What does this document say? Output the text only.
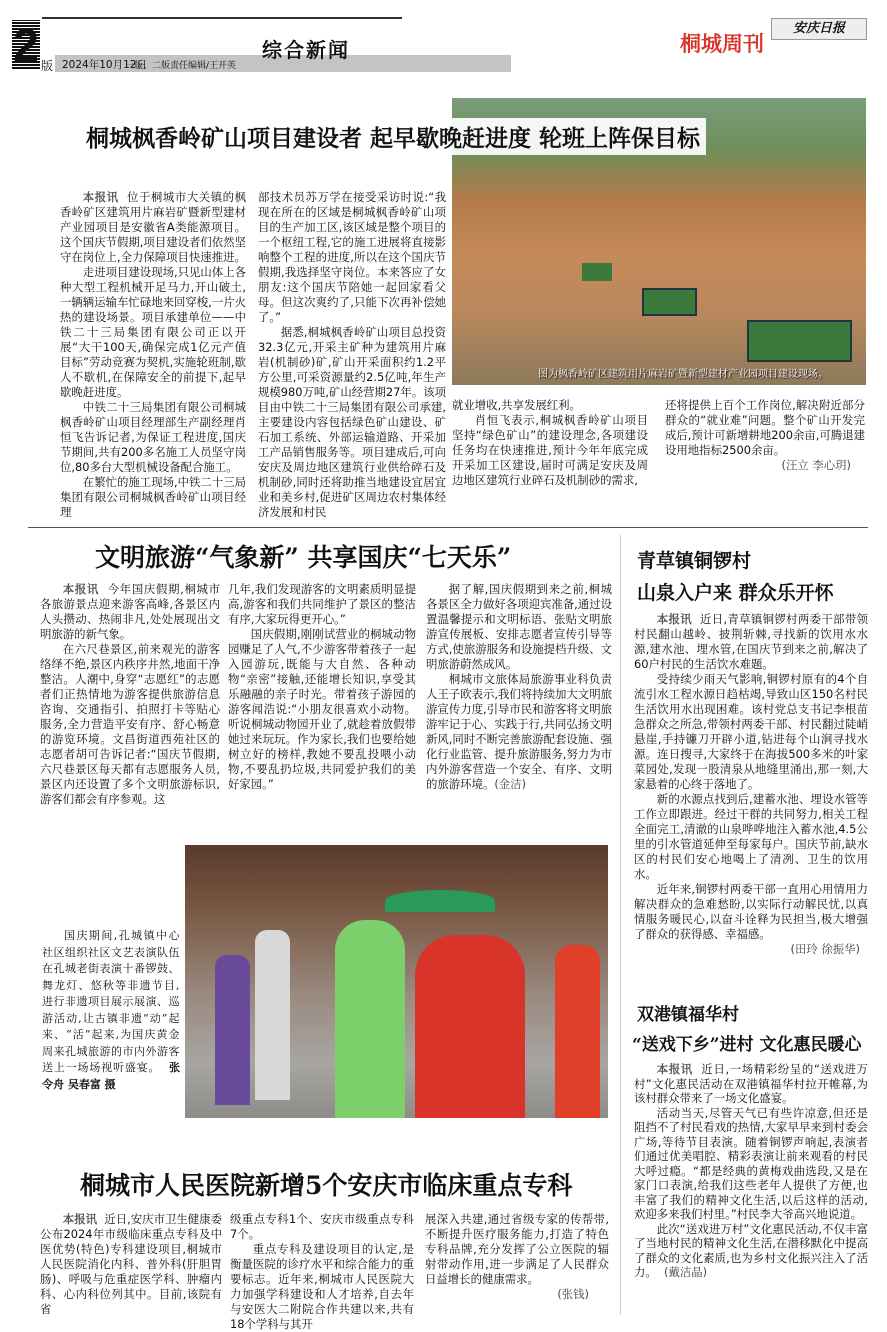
2 版 2024年10月12日
一版、二版责任编辑/王开英
综合新闻	桐城周刊
安庆日报
图为枫香岭矿区建筑用片麻岩矿暨新型建材产业园项目建设现场。
桐城枫香岭矿山项目建设者 起早歇晚赶进度 轮班上阵保目标

本报讯 位于桐城市大关镇的枫香岭矿区建筑用片麻岩矿暨新型建材产业园项目是安徽省A类能源项目。这个国庆节假期,项目建设者们依然坚守在岗位上,全力保障项目快速推进。

走进项目建设现场,只见山体上各种大型工程机械开足马力,开山破土,一辆辆运输车忙碌地来回穿梭,一片火热的建设场景。项目承建单位——中铁二十三局集团有限公司正以开展“大干100天,确保完成1亿元产值目标”劳动竞赛为契机,实施轮班制,歇人不歇机,在保障安全的前提下,起早歇晚赶进度。

中铁二十三局集团有限公司桐城枫香岭矿山项目经理部生产副经理肖恒飞告诉记者,为保证工程进度,国庆节期间,共有200多名施工人员坚守岗位,80多台大型机械设备配合施工。

在繁忙的施工现场,中铁二十三局集团有限公司桐城枫香岭矿山项目经理

部技术员苏万学在接受采访时说:“我现在所在的区域是桐城枫香岭矿山项目的生产加工区,该区域是整个项目的一个枢纽工程,它的施工进展将直接影响整个工程的进度,所以在这个国庆节假期,我选择坚守岗位。本来答应了女朋友:这个国庆节陪她一起回家看父母。但这次爽约了,只能下次再补偿她了。”

据悉,桐城枫香岭矿山项目总投资32.3亿元,开采主矿种为建筑用片麻岩(机制砂)矿,矿山开采面积约1.2平方公里,可采资源量约2.5亿吨,年生产规模980万吨,矿山经营期27年。该项目由中铁二十三局集团有限公司承建,主要建设内容包括绿色矿山建设、矿石加工系统、外部运输道路、开采加工产品销售服务等。项目建成后,可向安庆及周边地区建筑行业供给碎石及机制砂,同时还将助推当地建设宜居宜业和美乡村,促进矿区周边农村集体经济发展和村民

就业增收,共享发展红利。

肖恒飞表示,桐城枫香岭矿山项目坚持“绿色矿山”的建设理念,各项建设任务均在快速推进,预计今年年底完成开采加工区建设,届时可满足安庆及周边地区建筑行业碎石及机制砂的需求,

还将提供上百个工作岗位,解决附近部分群众的“就业难”问题。整个矿山开发完成后,预计可新增耕地200余亩,可腾退建设用地指标2500余亩。

(汪立 李心玥)
文明旅游“气象新” 共享国庆“七天乐”

本报讯 今年国庆假期,桐城市各旅游景点迎来游客高峰,各景区内人头攒动、热闹非凡,处处展现出文明旅游的新气象。

在六尺巷景区,前来观光的游客络绎不绝,景区内秩序井然,地面干净整洁。人潮中,身穿“志愿红”的志愿者们正热情地为游客提供旅游信息咨询、交通指引、拍照打卡等贴心服务,全力营造平安有序、舒心畅意的游览环境。文昌街道西苑社区的志愿者胡可告诉记者:“国庆节假期,六尺巷景区每天都有志愿服务人员,景区内还设置了多个文明旅游标识,游客们都会有序参观。这

几年,我们发现游客的文明素质明显提高,游客和我们共同维护了景区的整洁有序,大家玩得更开心。”

国庆假期,刚刚试营业的桐城动物园赚足了人气,不少游客带着孩子一起入园游玩,既能与大自然、各种动物“亲密”接触,还能增长知识,享受其乐融融的亲子时光。带着孩子游园的游客闻浩说:“小朋友很喜欢小动物。听说桐城动物园开业了,就趁着放假带她过来玩玩。作为家长,我们也要给她树立好的榜样,教她不要乱投喂小动物,不要乱扔垃圾,共同爱护我们的美好家园。”

据了解,国庆假期到来之前,桐城各景区全力做好各项迎宾准备,通过设置温馨提示和文明标语、张贴文明旅游宣传展板、安排志愿者宣传引导等方式,使旅游服务和设施提档升级、文明旅游蔚然成风。

桐城市文旅体局旅游事业科负责人王子欧表示,我们将持续加大文明旅游宣传力度,引导市民和游客将文明旅游牢记于心、实践于行,共同弘扬文明新风,同时不断完善旅游配套设施、强化行业监管、提升旅游服务,努力为市内外游客营造一个安全、有序、文明的旅游环境。(金洁)

国庆期间,孔城镇中心社区组织社区文艺表演队伍在孔城老街表演十番锣鼓、舞龙灯、悠秋等非遗节目,进行非遗项目展示展演、巡游活动,让古镇非遗“动”起来、“活”起来,为国庆黄金周来孔城旅游的市内外游客送上一场场视听盛宴。 张令舟 吴春富 摄

桐城市人民医院新增5个安庆市临床重点专科

本报讯 近日,安庆市卫生健康委公布2024年市级临床重点专科及中医优势(特色)专科建设项目,桐城市人民医院消化内科、普外科(肝胆胃肠)、呼吸与危重症医学科、肿瘤内科、心内科位列其中。目前,该院有省

级重点专科1个、安庆市级重点专科7个。

重点专科及建设项目的认定,是衡量医院的诊疗水平和综合能力的重要标志。近年来,桐城市人民医院大力加强学科建设和人才培养,自去年与安医大二附院合作共建以来,共有18个学科与其开

展深入共建,通过省级专家的传帮带,不断提升医疗服务能力,打造了特色专科品牌,充分发挥了公立医院的辐射带动作用,进一步满足了人民群众日益增长的健康需求。

(张钱)
青草镇铜锣村
山泉入户来 群众乐开怀

本报讯 近日,青草镇铜锣村两委干部带领村民翻山越岭、披荆斩棘,寻找新的饮用水水源,建水池、埋水管,在国庆节到来之前,解决了60户村民的生活饮水难题。

受持续少雨天气影响,铜锣村原有的4个自流引水工程水源日趋枯竭,导致山区150名村民生活饮用水出现困难。该村党总支书记李根苗急群众之所急,带领村两委干部、村民翻过陡峭悬崖,手持镰刀开辟小道,钻进每个山涧寻找水源。连日搜寻,大家终于在海拔500多米的叶家菜园处,发现一股清泉从地缝里涌出,那一刻,大家悬着的心终于落地了。

新的水源点找到后,建蓄水池、埋设水管等工作立即跟进。经过干群的共同努力,相关工程全面完工,清澈的山泉哗哗地注入蓄水池,4.5公里的引水管道延伸至每家每户。国庆节前,缺水区的村民们安心地喝上了清冽、卫生的饮用水。

近年来,铜锣村两委干部一直用心用情用力解决群众的急难愁盼,以实际行动解民忧,以真情服务暖民心,以奋斗诠释为民担当,极大增强了群众的获得感、幸福感。

(田玲 徐振华)
双港镇福华村
“送戏下乡”进村 文化惠民暖心

本报讯 近日,一场精彩纷呈的“送戏进万村”文化惠民活动在双港镇福华村拉开帷幕,为该村群众带来了一场文化盛宴。

活动当天,尽管天气已有些许凉意,但还是阻挡不了村民看戏的热情,大家早早来到村委会广场,等待节目表演。随着铜锣声响起,表演者们通过优美唱腔、精彩表演让前来观看的村民大呼过瘾。“都是经典的黄梅戏曲选段,又是在家门口表演,给我们这些老年人提供了方便,也丰富了我们的精神文化生活,以后这样的活动,欢迎多来我们村里。”村民李大爷高兴地说道。

此次“送戏进万村”文化惠民活动,不仅丰富了当地村民的精神文化生活,在潜移默化中提高了群众的文化素质,也为乡村文化振兴注入了活力。 (戴洁晶)
